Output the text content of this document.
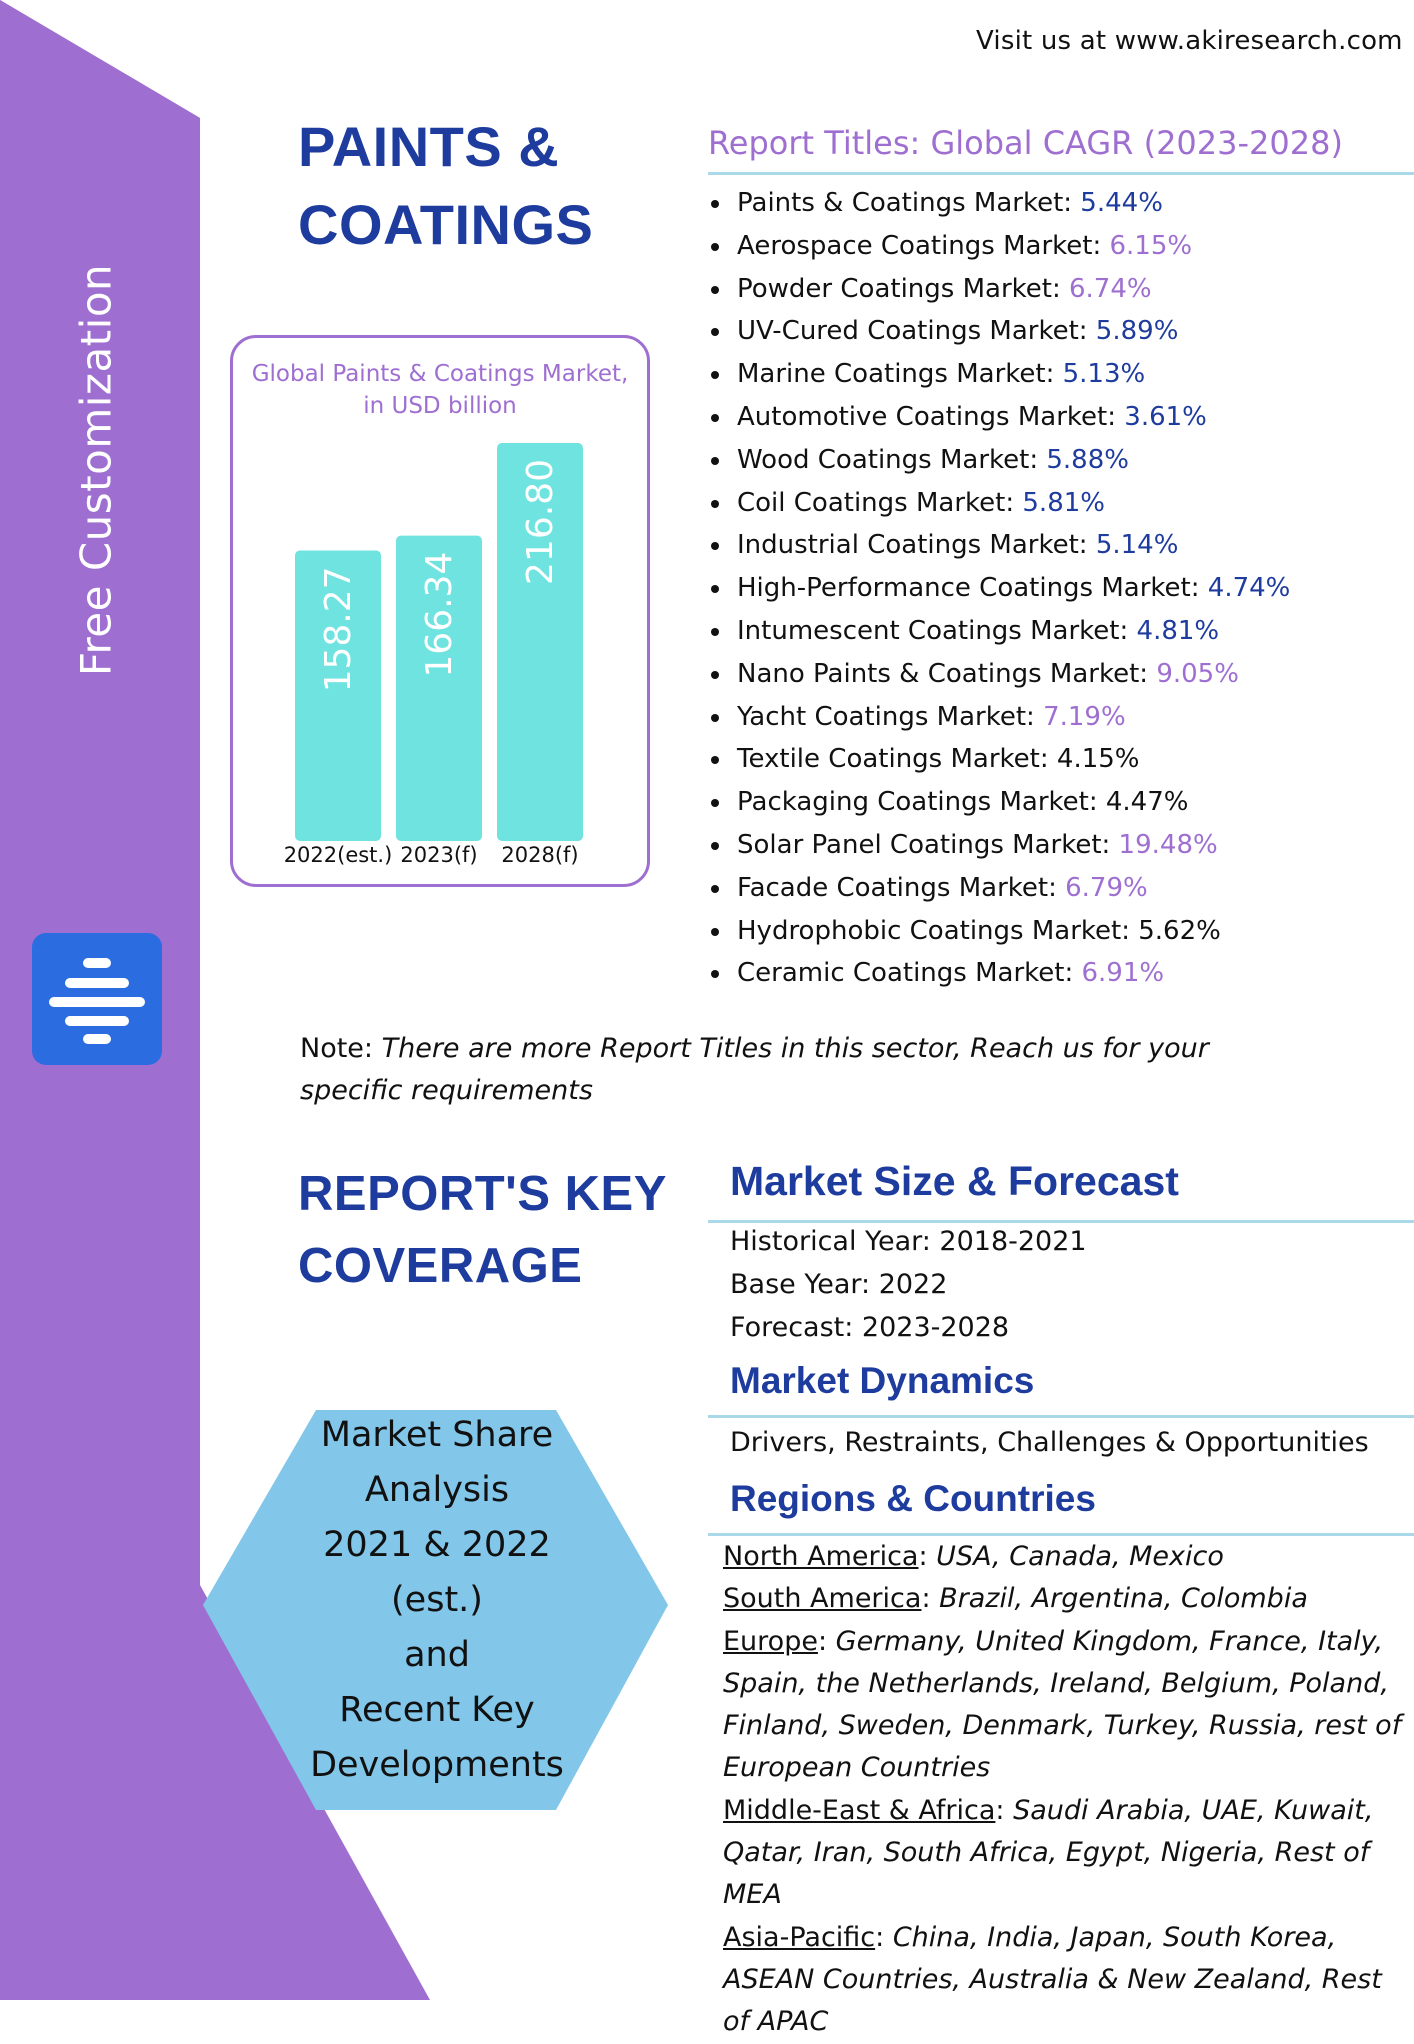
Visit us at www.akiresearch.com
Free Customization
PAINTS &
COATINGS
Global Paints & Coatings Market,
in USD billion
158.27
2022(est.)
166.34
2023(f)
216.80
2028(f)
Report Titles: Global CAGR (2023-2028)
Paints & Coatings Market: 5.44%
Aerospace Coatings Market: 6.15%
Powder Coatings Market: 6.74%
UV-Cured Coatings Market: 5.89%
Marine Coatings Market: 5.13%
Automotive Coatings Market: 3.61%
Wood Coatings Market: 5.88%
Coil Coatings Market: 5.81%
Industrial Coatings Market: 5.14%
High-Performance Coatings Market: 4.74%
Intumescent Coatings Market: 4.81%
Nano Paints & Coatings Market: 9.05%
Yacht Coatings Market: 7.19%
Textile Coatings Market: 4.15%
Packaging Coatings Market: 4.47%
Solar Panel Coatings Market: 19.48%
Facade Coatings Market: 6.79%
Hydrophobic Coatings Market: 5.62%
Ceramic Coatings Market: 6.91%
Note: There are more Report Titles in this sector, Reach us for your specific requirements
REPORT'S KEY
COVERAGE
Market Share
Analysis
2021 & 2022
(est.)
and
Recent Key
Developments
Market Size & Forecast
Historical Year: 2018-2021
Base Year: 2022
Forecast: 2023-2028
Market Dynamics
Drivers, Restraints, Challenges & Opportunities
Regions & Countries
North America: USA, Canada, Mexico
South America: Brazil, Argentina, Colombia
Europe: Germany, United Kingdom, France, Italy, Spain, the Netherlands, Ireland, Belgium, Poland, Finland, Sweden, Denmark, Turkey, Russia, rest of European Countries
Middle-East & Africa: Saudi Arabia, UAE, Kuwait, Qatar, Iran, South Africa, Egypt, Nigeria, Rest of MEA
Asia-Pacific: China, India, Japan, South Korea, ASEAN Countries, Australia & New Zealand, Rest of APAC
